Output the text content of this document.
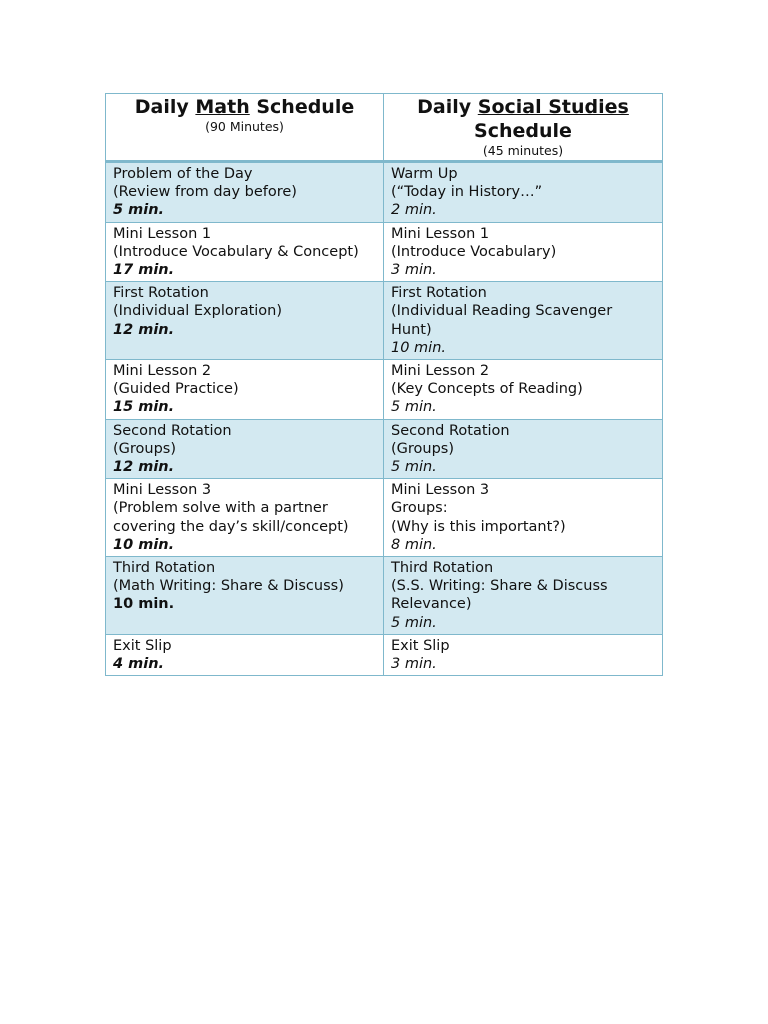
Daily Math Schedule
(90 Minutes)	Daily Social Studies
Schedule
(45 minutes)

Problem of the Day
(Review from day before)
5 min.	Warm Up
(“Today in History…”
2 min.

Mini Lesson 1
(Introduce Vocabulary & Concept)
17 min.	Mini Lesson 1
(Introduce Vocabulary)
3 min.

First Rotation
(Individual Exploration)
12 min.	First Rotation
(Individual Reading Scavenger Hunt)
10 min.

Mini Lesson 2
(Guided Practice)
15 min.	Mini Lesson 2
(Key Concepts of Reading)
5 min.

Second Rotation
(Groups)
12 min.	Second Rotation
(Groups)
5 min.

Mini Lesson 3
(Problem solve with a partner covering the day’s skill/concept)
10 min.	Mini Lesson 3
Groups:
(Why is this important?)
8 min.

Third Rotation
(Math Writing: Share & Discuss)
10 min.	Third Rotation
(S.S. Writing: Share & Discuss Relevance)
5 min.

Exit Slip
4 min.	Exit Slip
3 min.
